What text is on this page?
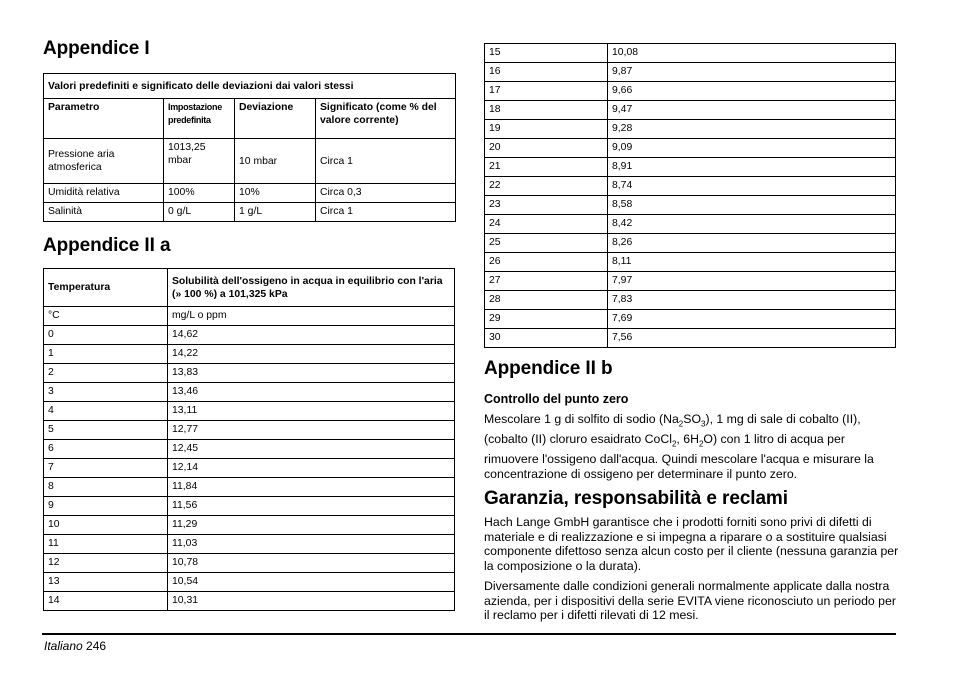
Appendice I
Valori predefiniti e significato delle deviazioni dai valori stessi			
Parametro	Impostazione predefinita	Deviazione	Significato (come % del valore corrente)
Pressione aria atmosferica	1013,25 mbar	10 mbar	Circa 1
Umidità relativa	100%	10%	Circa 0,3
Salinità	0 g/L	1 g/L	Circa 1
Appendice II a
Temperatura	Solubilità dell'ossigeno in acqua in equilibrio con l'aria (» 100 %) a 101,325 kPa
°C	mg/L o ppm
0	14,62
1	14,22
2	13,83
3	13,46
4	13,11
5	12,77
6	12,45
7	12,14
8	11,84
9	11,56
10	11,29
11	11,03
12	10,78
13	10,54
14	10,31
15	10,08
16	9,87
17	9,66
18	9,47
19	9,28
20	9,09
21	8,91
22	8,74
23	8,58
24	8,42
25	8,26
26	8,11
27	7,97
28	7,83
29	7,69
30	7,56
Appendice II b
Controllo del punto zero

Mescolare 1 g di solfito di sodio $(Na_2SO_3)$, 1 mg di sale di cobalto (II), (cobalto (II) cloruro esaidrato CoCl$_2$, $6H_2O$) con 1 litro di acqua per rimuovere l'ossigeno dall'acqua. Quindi mescolare l'acqua e misurare la concentrazione di ossigeno per determinare il punto zero.

Garanzia, responsabilità e reclami

Hach Lange GmbH garantisce che i prodotti forniti sono privi di difetti di materiale e di realizzazione e si impegna a riparare o a sostituire qualsiasi componente difettoso senza alcun costo per il cliente (nessuna garanzia per la composizione o la durata).

Diversamente dalle condizioni generali normalmente applicate dalla nostra azienda, per i dispositivi della serie EVITA viene riconosciuto un periodo per il reclamo per i difetti rilevati di 12 mesi.

Italiano 246
